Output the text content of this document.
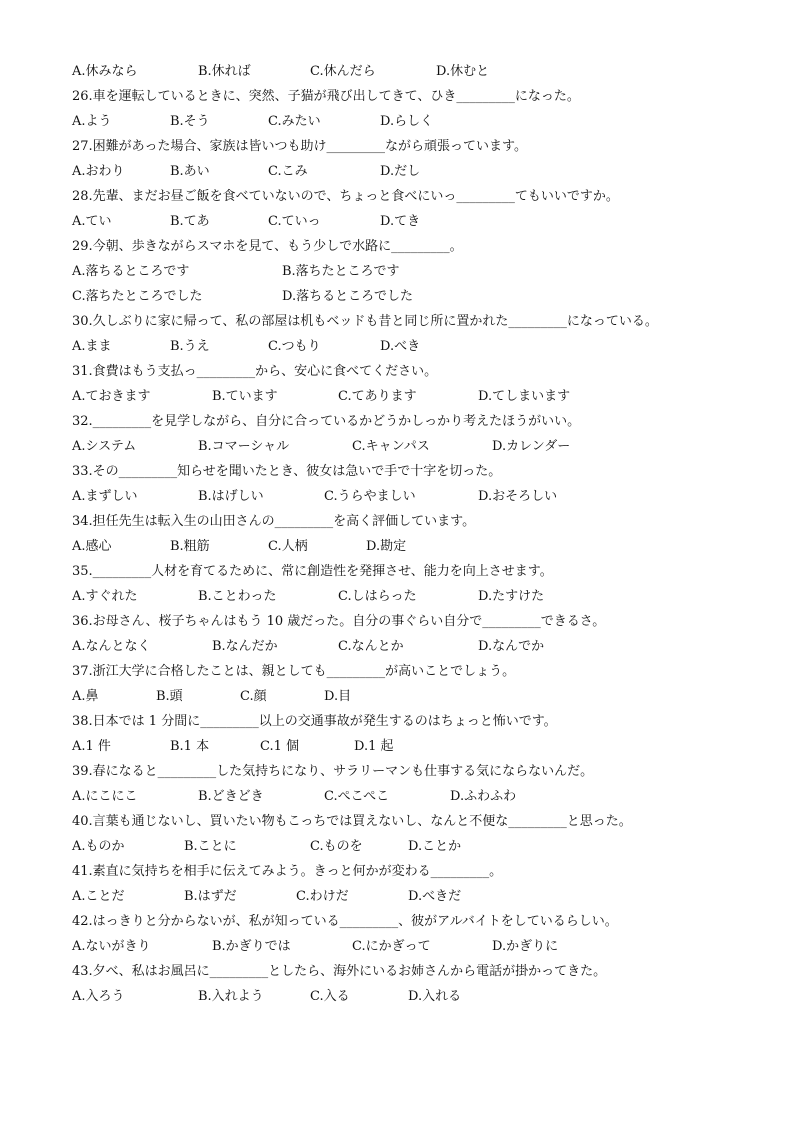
A.休みなら	B.休れば	C.休んだら	D.休むと
26.車を運転しているときに、突然、子猫が飛び出してきて、ひき_________になった。
A.よう	B.そう	C.みたい	D.らしく
27.困難があった場合、家族は皆いつも助け_________ながら頑張っています。
A.おわり	B.あい	C.こみ	D.だし
28.先輩、まだお昼ご飯を食べていないので、ちょっと食べにいっ_________てもいいですか。
A.てい	B.てあ	C.ていっ	D.てき
29.今朝、歩きながらスマホを見て、もう少しで水路に_________。
A.落ちるところです	B.落ちたところです
C.落ちたところでした	D.落ちるところでした
30.久しぶりに家に帰って、私の部屋は机もベッドも昔と同じ所に置かれた_________になっている。
A.まま	B.うえ	C.つもり	D.べき
31.食費はもう支払っ_________から、安心に食べてください。
A.ておきます	B.ています	C.てあります	D.てしまいます
32._________を見学しながら、自分に合っているかどうかしっかり考えたほうがいい。
A.システム	B.コマーシャル	C.キャンパス	D.カレンダー
33.その_________知らせを聞いたとき、彼女は急いで手で十字を切った。
A.まずしい	B.はげしい	C.うらやましい	D.おそろしい
34.担任先生は転入生の山田さんの_________を高く評価しています。
A.感心	B.粗筋	C.人柄	D.勘定
35._________人材を育てるために、常に創造性を発揮させ、能力を向上させます。
A.すぐれた	B.ことわった	C.しはらった	D.たすけた
36.お母さん、桜子ちゃんはもう 10 歳だった。自分の事ぐらい自分で_________できるさ。
A.なんとなく	B.なんだか	C.なんとか	D.なんでか
37.浙江大学に合格したことは、親としても_________が高いことでしょう。
A.鼻	B.頭	C.顔	D.目
38.日本では 1 分間に_________以上の交通事故が発生するのはちょっと怖いです。
A.1 件	B.1 本	C.1 個	D.1 起
39.春になると_________した気持ちになり、サラリーマンも仕事する気にならないんだ。
A.にこにこ	B.どきどき	C.ぺこぺこ	D.ふわふわ
40.言葉も通じないし、買いたい物もこっちでは買えないし、なんと不便な_________と思った。
A.ものか	B.ことに	C.ものを	D.ことか
41.素直に気持ちを相手に伝えてみよう。きっと何かが変わる_________。
A.ことだ	B.はずだ	C.わけだ	D.べきだ
42.はっきりと分からないが、私が知っている_________、彼がアルバイトをしているらしい。
A.ないがきり	B.かぎりでは	C.にかぎって	D.かぎりに
43.夕べ、私はお風呂に_________としたら、海外にいるお姉さんから電話が掛かってきた。
A.入ろう	B.入れよう	C.入る	D.入れる
